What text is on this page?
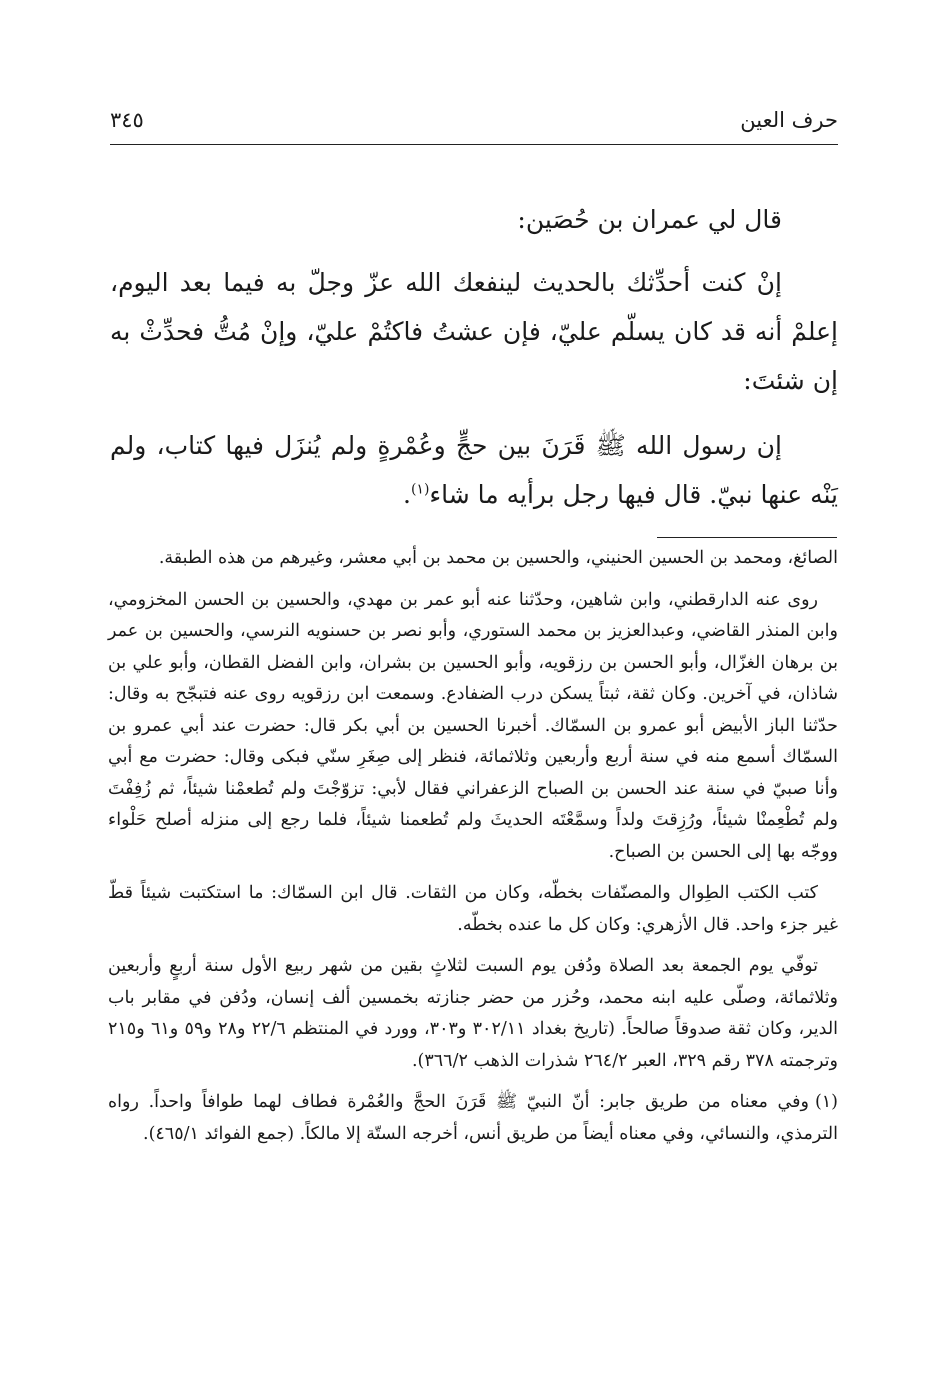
حرف العين
٣٤٥

قال لي عمران بن حُصَين:

إنْ كنت أحدِّثك بالحديث لينفعك الله عزّ وجلّ به فيما بعد اليوم، إعلمْ أنه قد كان يسلّم عليّ، فإن عشتُ فاكتُمْ عليّ، وإنْ مُتُّ فحدِّثْ به إن شئتَ:

إن رسول الله ﷺ قَرَنَ بين حجٍّ وعُمْرةٍ ولم يُنزَل فيها كتاب، ولم يَنْه عنها نبيّ. قال فيها رجل برأيه ما شاء$^{(١)}$.

الصائغ، ومحمد بن الحسين الحنيني، والحسين بن محمد بن أبي معشر، وغيرهم من هذه الطبقة.

روى عنه الدارقطني، وابن شاهين، وحدّثنا عنه أبو عمر بن مهدي، والحسين بن الحسن المخزومي، وابن المنذر القاضي، وعبدالعزيز بن محمد الستوري، وأبو نصر بن حسنويه النرسي، والحسين بن عمر بن برهان الغزّال، وأبو الحسن بن رزقويه، وأبو الحسين بن بشران، وابن الفضل القطان، وأبو علي بن شاذان، في آخرين. وكان ثقة، ثبتاً يسكن درب الضفادع. وسمعت ابن رزقويه روى عنه فتبجّح به وقال: حدّثنا الباز الأبيض أبو عمرو بن السمّاك. أخبرنا الحسين بن أبي بكر قال: حضرت عند أبي عمرو بن السمّاك أسمع منه في سنة أربع وأربعين وثلاثمائة، فنظر إلى صِغَرِ سنّي فبكى وقال: حضرت مع أبي وأنا صبيّ في سنة عند الحسن بن الصباح الزعفراني فقال لأبي: تزوّجْتَ ولم تُطعمْنا شيئاً، ثم زُفِفْتَ ولم تُطْعِمنْا شيئاً، ورُزِقتَ ولداً وسمَّعْتَه الحديثَ ولم تُطعمنا شيئاً، فلما رجع إلى منزله أصلح حَلْواء ووجّه بها إلى الحسن بن الصباح.

كتب الكتب الطِوال والمصنّفات بخطّه، وكان من الثقات. قال ابن السمّاك: ما استكتبت شيئاً قطّ غير جزء واحد. قال الأزهري: وكان كل ما عنده بخطّه.

توفّي يوم الجمعة بعد الصلاة ودُفن يوم السبت لثلاثٍ بقين من شهر ربيع الأول سنة أربعٍ وأربعين وثلاثمائة، وصلّى عليه ابنه محمد، وحُزر من حضر جنازته بخمسين ألف إنسان، ودُفن في مقابر باب الدير، وكان ثقة صدوقاً صالحاً. (تاريخ بغداد ٣٠٢/١١ و٣٠٣، وورد في المنتظم ٢٢/٦ و٢٨ و٥٩ و٦١ و٢١٥ وترجمته ٣٧٨ رقم ٣٢٩، العبر ٢٦٤/٢ شذرات الذهب ٣٦٦/٢).

(١)وفي معناه من طريق جابر: أنّ النبيّ ﷺ قَرَنَ الحجَّ والعُمْرة فطاف لهما طوافاً واحداً. رواه الترمذي، والنسائي، وفي معناه أيضاً من طريق أنس، أخرجه الستّة إلا مالكاً. (جمع الفوائد ٤٦٥/١).
